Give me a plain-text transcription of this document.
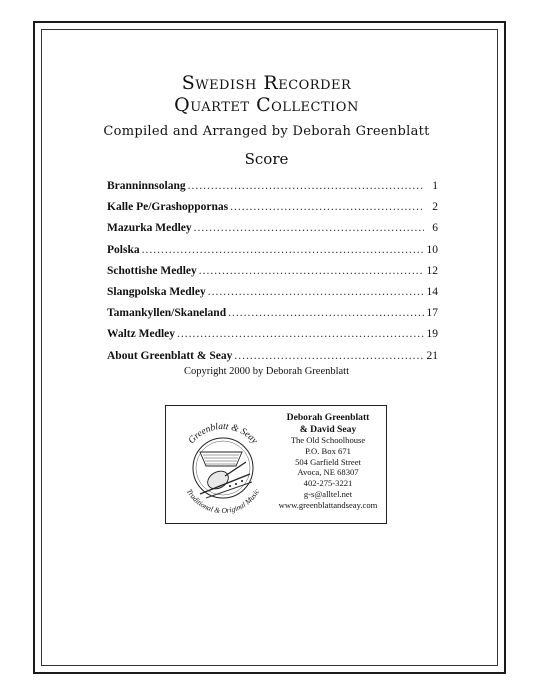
Swedish Recorder
Quartet Collection
Compiled and Arranged by Deborah Greenblatt
Score
Branninnsolang .....	1
Kalle Pe/Grashoppornas .....	2
Mazurka Medley .....	6
Polska .....	10
Schottishe Medley .....	12
Slangpolska Medley .....	14
Tamankyllen/Skaneland .....	17
Waltz Medley .....	19
About Greenblatt & Seay .....	21
Copyright 2000 by Deborah Greenblatt
Greenblatt & Seay
Traditional & Original Music
Deborah Greenblatt
& David Seay
The Old Schoolhouse
P.O. Box 671
504 Garfield Street
Avoca, NE 68307
402-275-3221
g-s@alltel.net
www.greenblattandseay.com
